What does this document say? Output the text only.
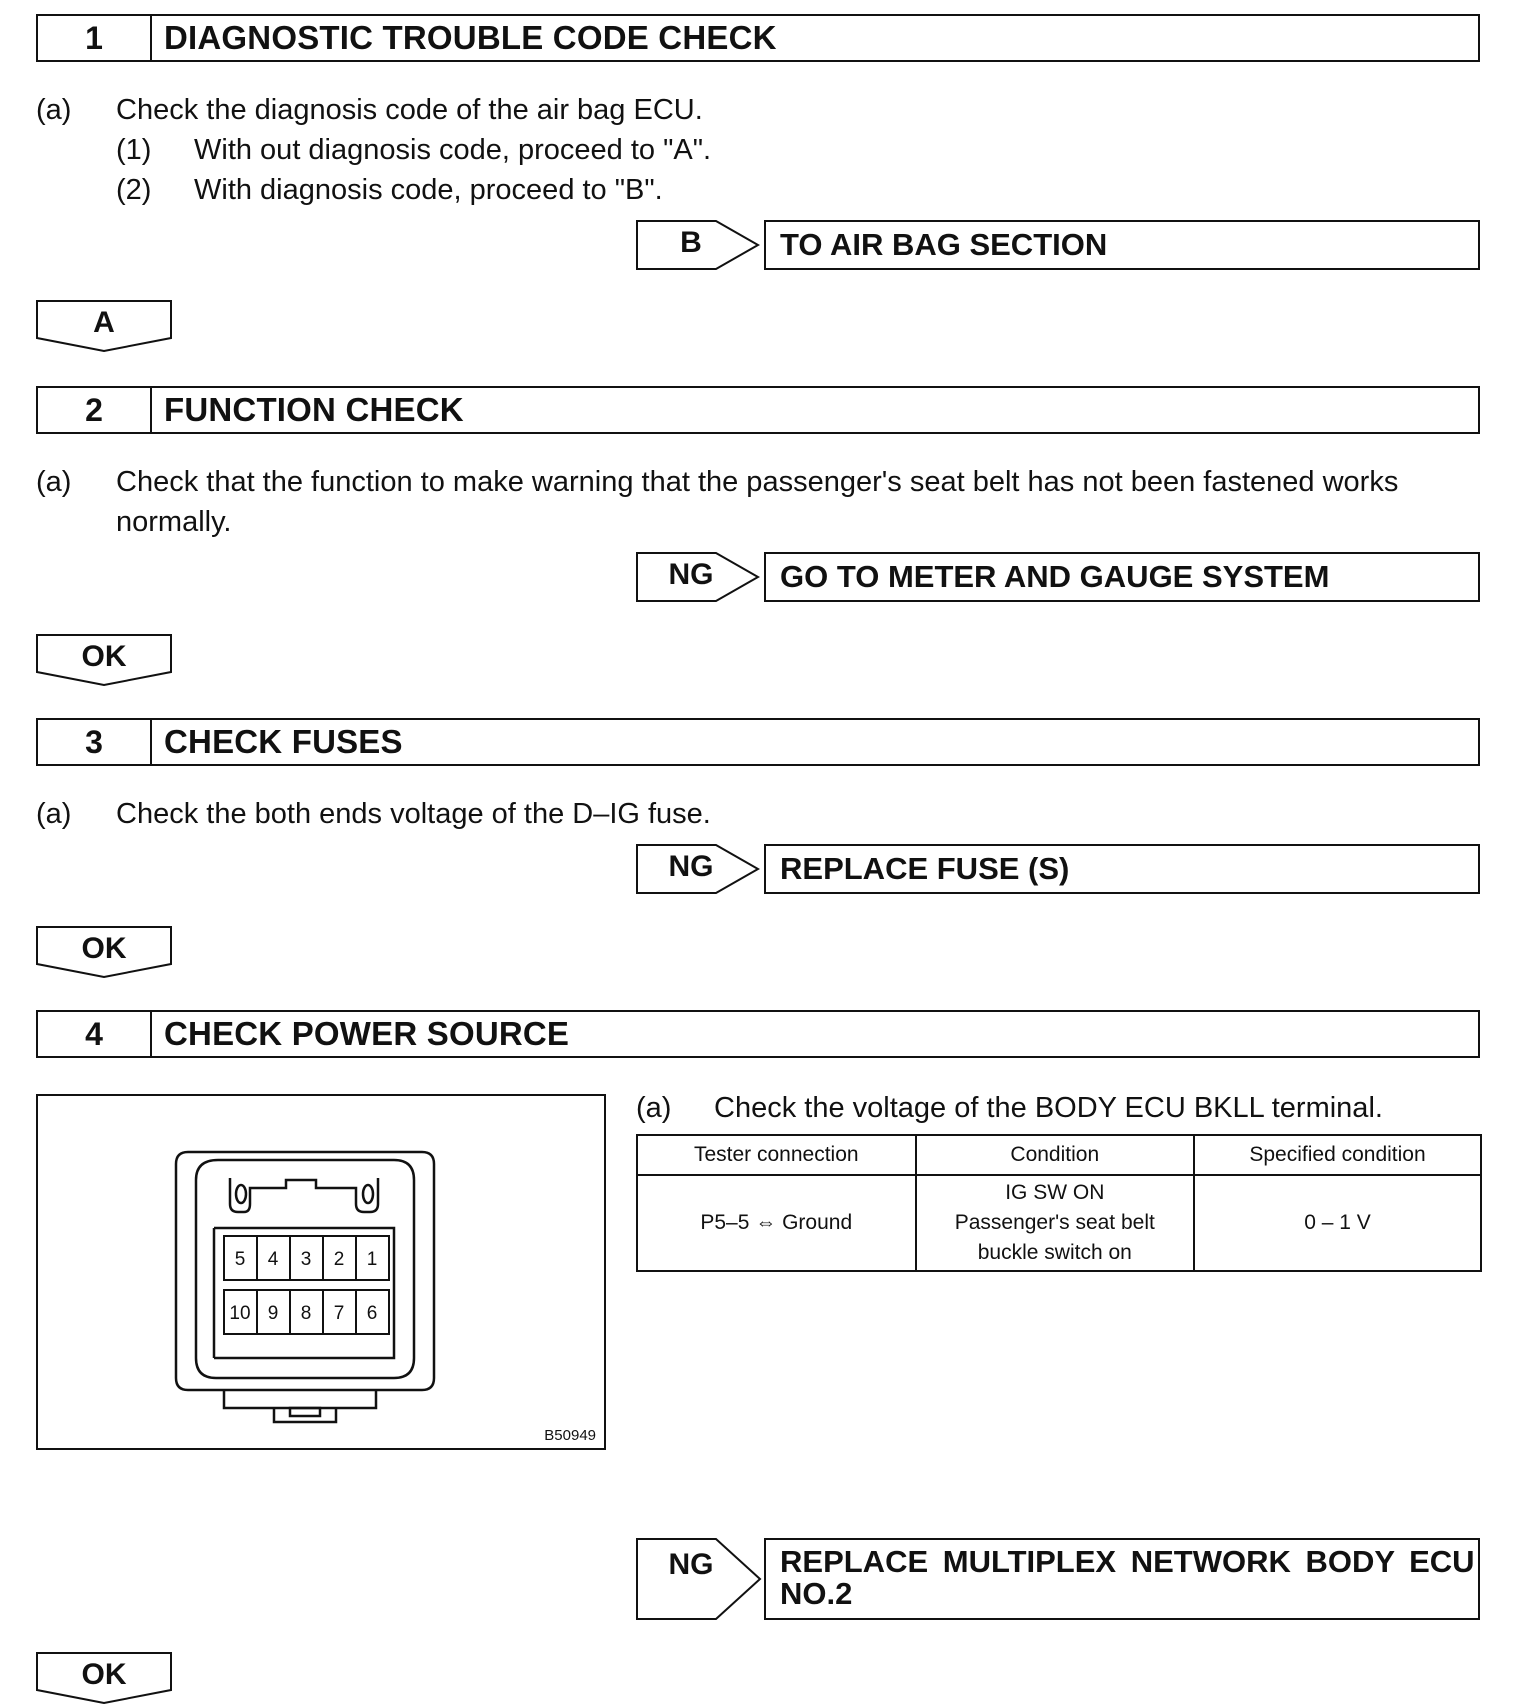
1	DIAGNOSTIC TROUBLE CODE CHECK
(a) Check the diagnosis code of the air bag ECU.
(1) With out diagnosis code, proceed to "A".
(2) With diagnosis code, proceed to "B".
B	TO AIR BAG SECTION
A
2	FUNCTION CHECK
(a) Check that the function to make warning that the passenger's seat belt has not been fastened works
normally.
NG	GO TO METER AND GAUGE SYSTEM
OK
3	CHECK FUSES
(a) Check the both ends voltage of the D–IG fuse.
NG	REPLACE FUSE (S)
OK
4	CHECK POWER SOURCE
5 4 3 2 1
10 9 8 7 6
B50949
(a) Check the voltage of the BODY ECU BKLL terminal.
Tester connection	Condition	Specified condition
P5–5 ⇔ Ground	IG SW ON
Passenger's seat belt
buckle switch on	0 – 1 V
NG	REPLACE MULTIPLEX NETWORK BODY ECU
NO.2
OK
